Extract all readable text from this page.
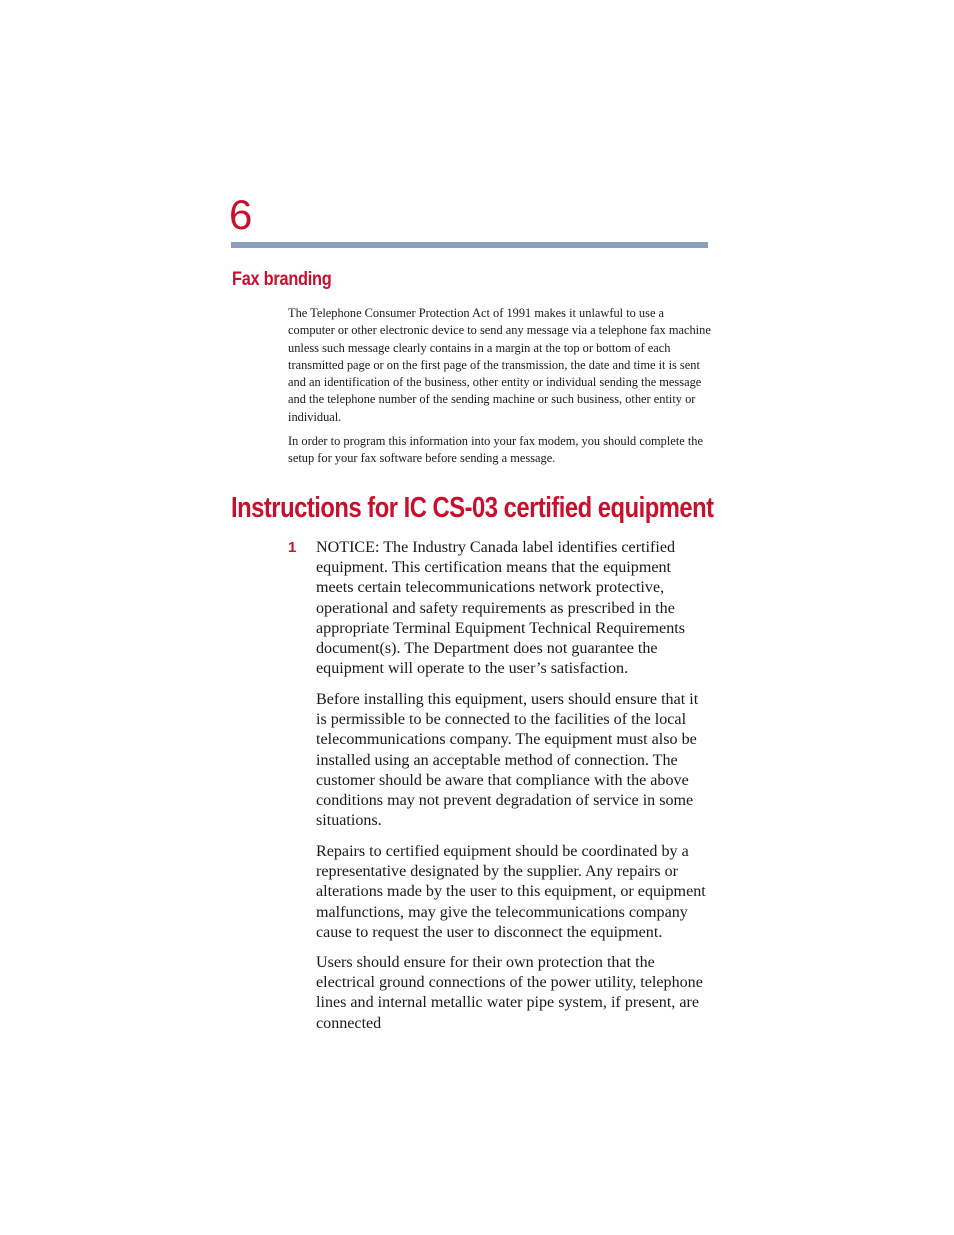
6
Fax branding

The Telephone Consumer Protection Act of 1991 makes it unlawful to use a computer or other electronic device to send any message via a telephone fax machine unless such message clearly contains in a margin at the top or bottom of each transmitted page or on the first page of the transmission, the date and time it is sent and an identification of the business, other entity or individual sending the message and the telephone number of the sending machine or such business, other entity or individual.

In order to program this information into your fax modem, you should complete the setup for your fax software before sending a message.

Instructions for IC CS-03 certified equipment
1 NOTICE: The Industry Canada label identifies certified equipment. This certification means that the equipment meets certain telecommunications network protective, operational and safety requirements as prescribed in the appropriate Terminal Equipment Technical Requirements document(s). The Department does not guarantee the equipment will operate to the user’s satisfaction.

Before installing this equipment, users should ensure that it is permissible to be connected to the facilities of the local telecommunications company. The equipment must also be installed using an acceptable method of connection. The customer should be aware that compliance with the above conditions may not prevent degradation of service in some situations.

Repairs to certified equipment should be coordinated by a representative designated by the supplier. Any repairs or alterations made by the user to this equipment, or equipment malfunctions, may give the telecommunications company cause to request the user to disconnect the equipment.

Users should ensure for their own protection that the electrical ground connections of the power utility, telephone lines and internal metallic water pipe system, if present, are connected
